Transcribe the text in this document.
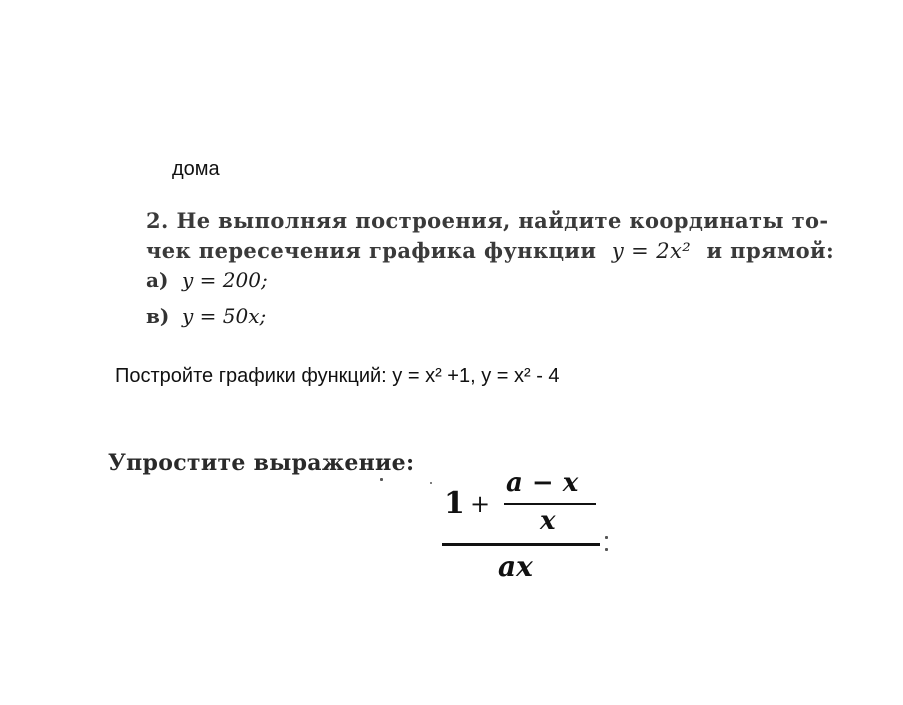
дома
2. Не выполняя построения, найдите координаты то-
чек пересечения графика функции y = 2x² и прямой:
а) y = 200;
в) y = 50x;
Постройте графики функций: y = x² +1, y = x² - 4
Упростите выражение:
1 +
a − x
x
ax
